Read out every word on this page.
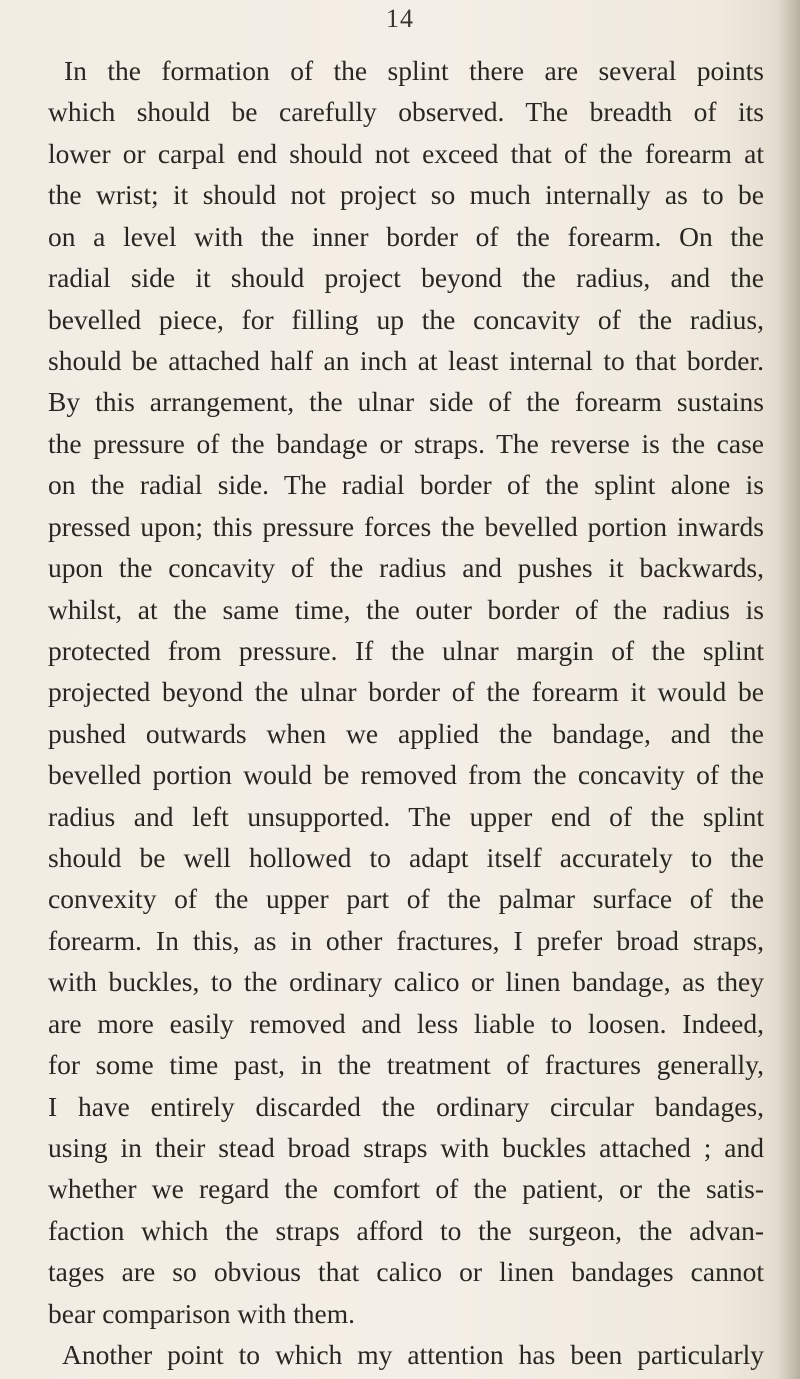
14
In the formation of the splint there are several points
which should be carefully observed. The breadth of its
lower or carpal end should not exceed that of the forearm at
the wrist; it should not project so much internally as to be
on a level with the inner border of the forearm. On the
radial side it should project beyond the radius, and the
bevelled piece, for filling up the concavity of the radius,
should be attached half an inch at least internal to that border.
By this arrangement, the ulnar side of the forearm sustains
the pressure of the bandage or straps. The reverse is the case
on the radial side. The radial border of the splint alone is
pressed upon; this pressure forces the bevelled portion inwards
upon the concavity of the radius and pushes it backwards,
whilst, at the same time, the outer border of the radius is
protected from pressure. If the ulnar margin of the splint
projected beyond the ulnar border of the forearm it would be
pushed outwards when we applied the bandage, and the
bevelled portion would be removed from the concavity of the
radius and left unsupported. The upper end of the splint
should be well hollowed to adapt itself accurately to the
convexity of the upper part of the palmar surface of the
forearm. In this, as in other fractures, I prefer broad straps,
with buckles, to the ordinary calico or linen bandage, as they
are more easily removed and less liable to loosen. Indeed,
for some time past, in the treatment of fractures generally,
I have entirely discarded the ordinary circular bandages,
using in their stead broad straps with buckles attached ; and
whether we regard the comfort of the patient, or the satis-
faction which the straps afford to the surgeon, the advan-
tages are so obvious that calico or linen bandages cannot
bear comparison with them.
Another point to which my attention has been particularly
